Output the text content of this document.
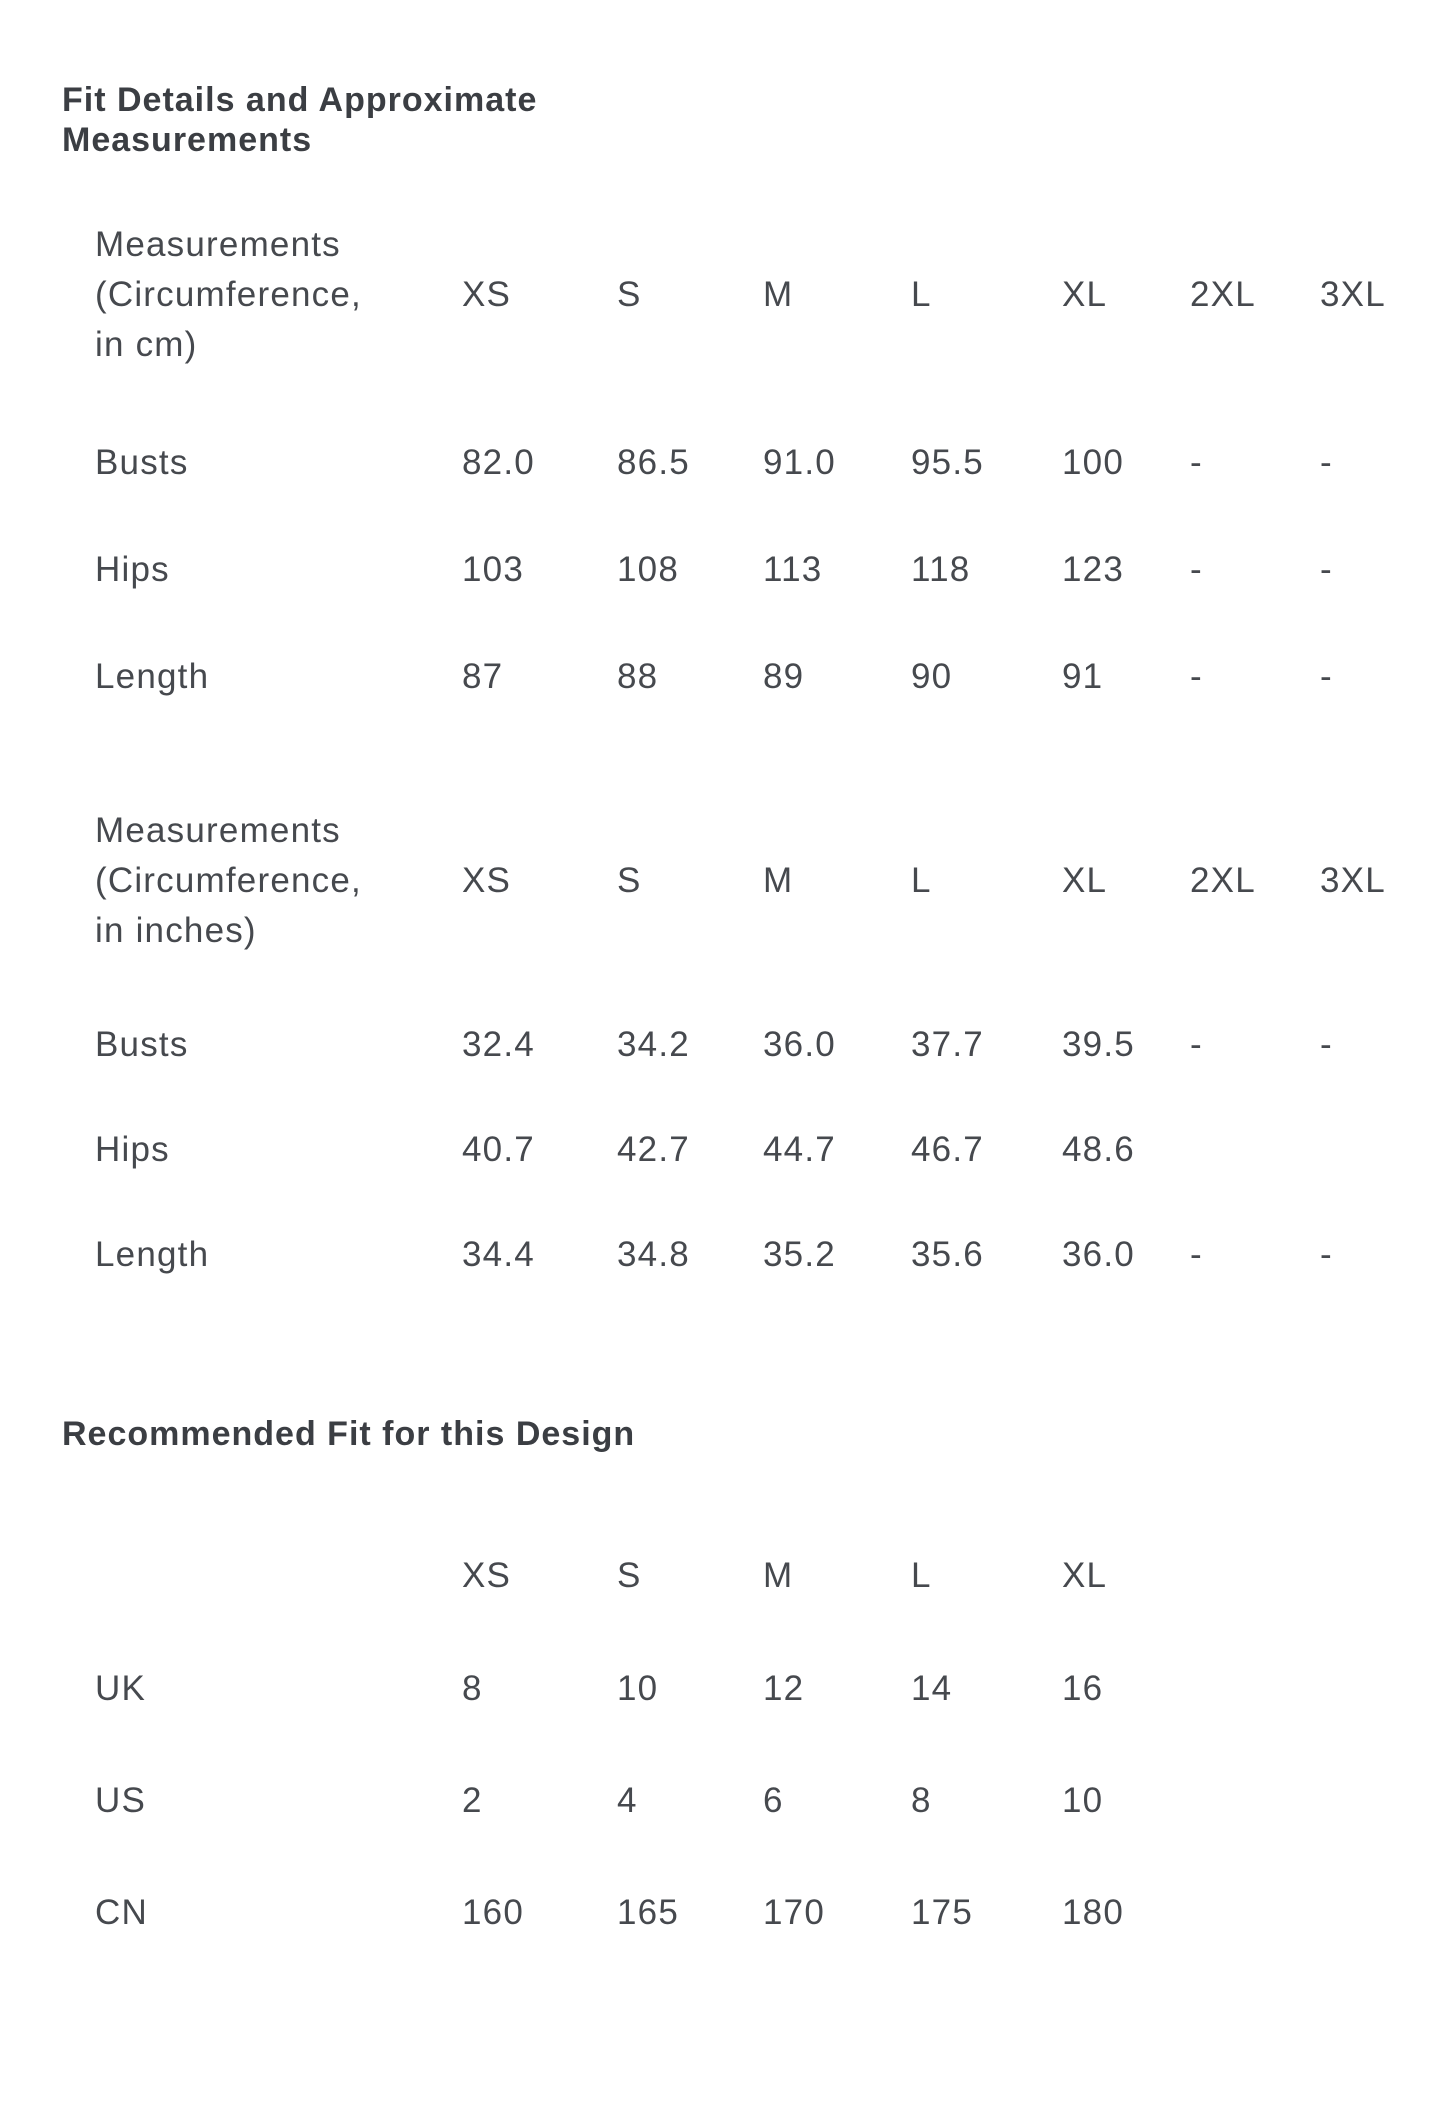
Fit Details and Approximate Measurements
Measurements (Circumference, in cm)
XS	S	M	L	XL	2XL	3XL
Busts	82.0	86.5	91.0	95.5	100	-	-
Hips	103	108	113	118	123	-	-
Length	87	88	89	90	91	-	-
Measurements (Circumference, in inches)
XS	S	M	L	XL	2XL	3XL
Busts	32.4	34.2	36.0	37.7	39.5	-	-
Hips	40.7	42.7	44.7	46.7	48.6
Length	34.4	34.8	35.2	35.6	36.0	-	-
Recommended Fit for this Design
XS	S	M	L	XL
UK	8	10	12	14	16
US	2	4	6	8	10
CN	160	165	170	175	180
